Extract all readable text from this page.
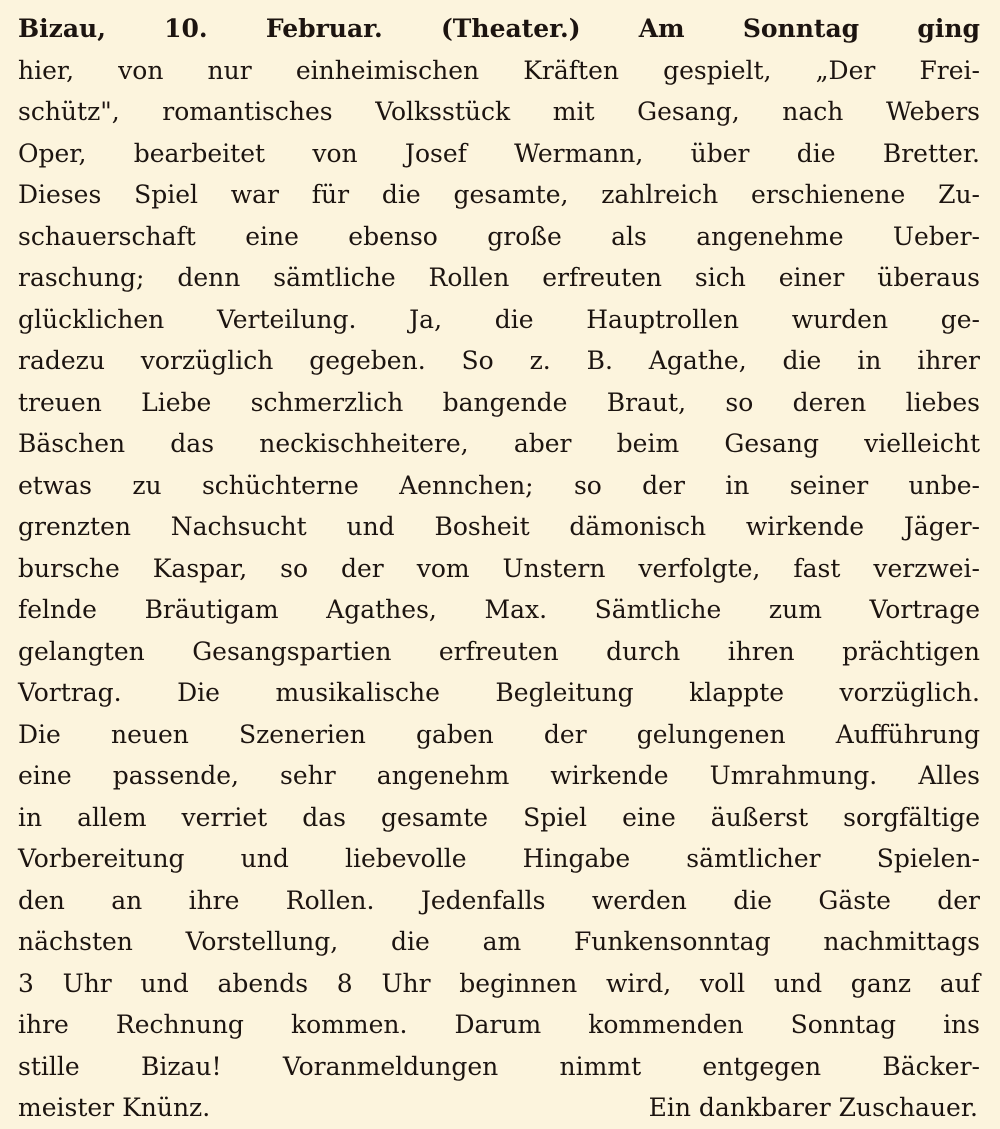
Bizau, 10. Februar. (Theater.) Am Sonntag ging
hier, von nur einheimischen Kräften gespielt, „Der Frei-
schütz", romantisches Volksstück mit Gesang, nach Webers
Oper, bearbeitet von Josef Wermann, über die Bretter.
Dieses Spiel war für die gesamte, zahlreich erschienene Zu-
schauerschaft eine ebenso große als angenehme Ueber-
raschung; denn sämtliche Rollen erfreuten sich einer überaus
glücklichen Verteilung. Ja, die Hauptrollen wurden ge-
radezu vorzüglich gegeben. So z. B. Agathe, die in ihrer
treuen Liebe schmerzlich bangende Braut, so deren liebes
Bäschen das neckischheitere, aber beim Gesang vielleicht
etwas zu schüchterne Aennchen; so der in seiner unbe-
grenzten Nachsucht und Bosheit dämonisch wirkende Jäger-
bursche Kaspar, so der vom Unstern verfolgte, fast verzwei-
felnde Bräutigam Agathes, Max. Sämtliche zum Vortrage
gelangten Gesangspartien erfreuten durch ihren prächtigen
Vortrag. Die musikalische Begleitung klappte vorzüglich.
Die neuen Szenerien gaben der gelungenen Aufführung
eine passende, sehr angenehm wirkende Umrahmung. Alles
in allem verriet das gesamte Spiel eine äußerst sorgfältige
Vorbereitung und liebevolle Hingabe sämtlicher Spielen-
den an ihre Rollen. Jedenfalls werden die Gäste der
nächsten Vorstellung, die am Funkensonntag nachmittags
3 Uhr und abends 8 Uhr beginnen wird, voll und ganz auf
ihre Rechnung kommen. Darum kommenden Sonntag ins
stille Bizau! Voranmeldungen nimmt entgegen Bäcker-
meister Knünz.	Ein dankbarer Zuschauer.
